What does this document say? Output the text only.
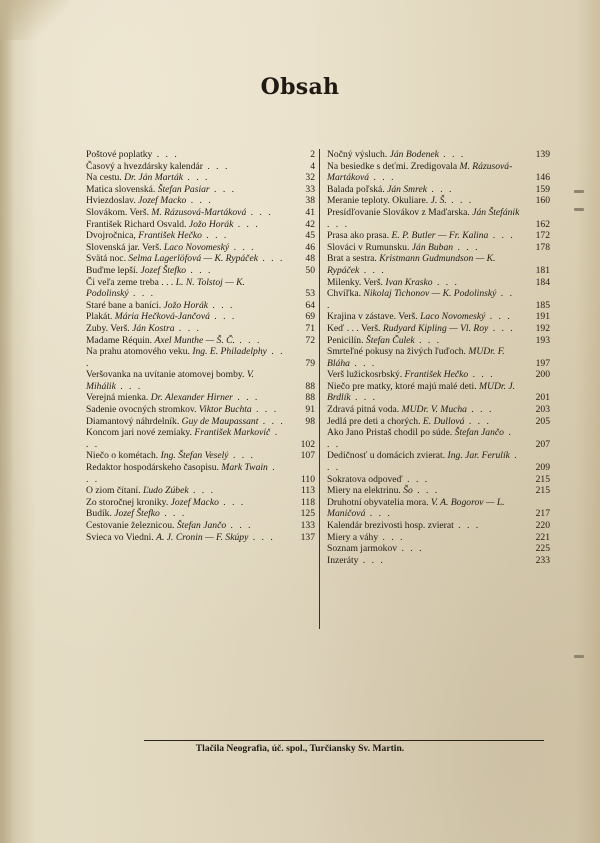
Obsah
Poštové poplatky . . .	2
Časový a hvezdársky kalendár . . .	4
Na cestu. Dr. Ján Marták . . .	32
Matica slovenská. Štefan Pasiar . . .	33
Hviezdoslav. Jozef Macko . . .	38
Slovákom. Verš. M. Rázusová-Martáková . . .	41
František Richard Osvald. Jožo Horák . . .	42
Dvojročnica, František Hečko . . .	45
Slovenská jar. Verš. Laco Novomeský . . .	46
Svätá noc. Selma Lagerlöfová — K. Rypáček . . .	48
Buďme lepší. Jozef Štefko . . .	50
Či veľa zeme treba . . . L. N. Tolstoj — K. Podolinský . . .	53
Staré bane a baníci. Jožo Horák . . .	64
Plakát. Mária Hečková-Jančová . . .	69
Zuby. Verš. Ján Kostra . . .	71
Madame Réquin. Axel Munthe — Š. Č. . . .	72
Na prahu atomového veku. Ing. E. Philadelphy . . .	79
Veršovanka na uvítanie atomovej bomby. V. Mihálik . . .	88
Verejná mienka. Dr. Alexander Hirner . . .	88
Sadenie ovocných stromkov. Viktor Buchta . . .	91
Diamantový náhrdelník. Guy de Maupassant . . .	98
Koncom jari nové zemiaky. František Markovič . . .	102
Niečo o kométach. Ing. Štefan Veselý . . .	107
Redaktor hospodárskeho časopisu. Mark Twain . . .	110
O ziom čítaní. Ľudo Zúbek . . .	113
Zo storočnej kroniky. Jozef Macko . . .	118
Budík. Jozef Štefko . . .	125
Cestovanie železnicou. Štefan Jančo . . .	133
Svieca vo Viedni. A. J. Cronin — F. Skúpy . . .	137
Nočný výsluch. Ján Bodenek . . .	139
Na besiedke s deťmi. Zredigovala M. Rázusová-Martáková . . .	146
Balada poľská. Ján Smrek . . .	159
Meranie teploty. Okuliare. J. Š. . . .	160
Presídľovanie Slovákov z Maďarska. Ján Štefánik . . .	162
Prasa ako prasa. E. P. Butler — Fr. Kalina . . .	172
Slováci v Rumunsku. Ján Buban . . .	178
Brat a sestra. Kristmann Gudmundson — K. Rypáček . . .	181
Milenky. Verš. Ivan Krasko . . .	184
Chvíľka. Nikolaj Tichonov — K. Podolinský . . .	185
Krajina v zástave. Verš. Laco Novomeský . . .	191
Keď . . . Verš. Rudyard Kipling — Vl. Roy . . .	192
Penicilín. Štefan Čulek . . .	193
Smrteľné pokusy na živých ľuďoch. MUDr. F. Bláha . . .	197
Verš lužickosrbský. František Hečko . . .	200
Niečo pre matky, ktoré majú malé deti. MUDr. J. Brdlík . . .	201
Zdravá pitná voda. MUDr. V. Mucha . . .	203
Jedlá pre deti a chorých. E. Dullová . . .	205
Ako Jano Pristaš chodil po súde. Štefan Jančo . . .	207
Dedičnosť u domácich zvierat. Ing. Jar. Ferulík . . .	209
Sokratova odpoveď . . .	215
Miery na elektrinu. Šo . . .	215
Druhotní obyvatelia mora. V. A. Bogorov — L. Maničová . . .	217
Kalendár brezivosti hosp. zvierat . . .	220
Miery a váhy . . .	221
Soznam jarmokov . . .	225
Inzeráty . . .	233
Tlačila Neografia, úč. spol., Turčiansky Sv. Martin.
